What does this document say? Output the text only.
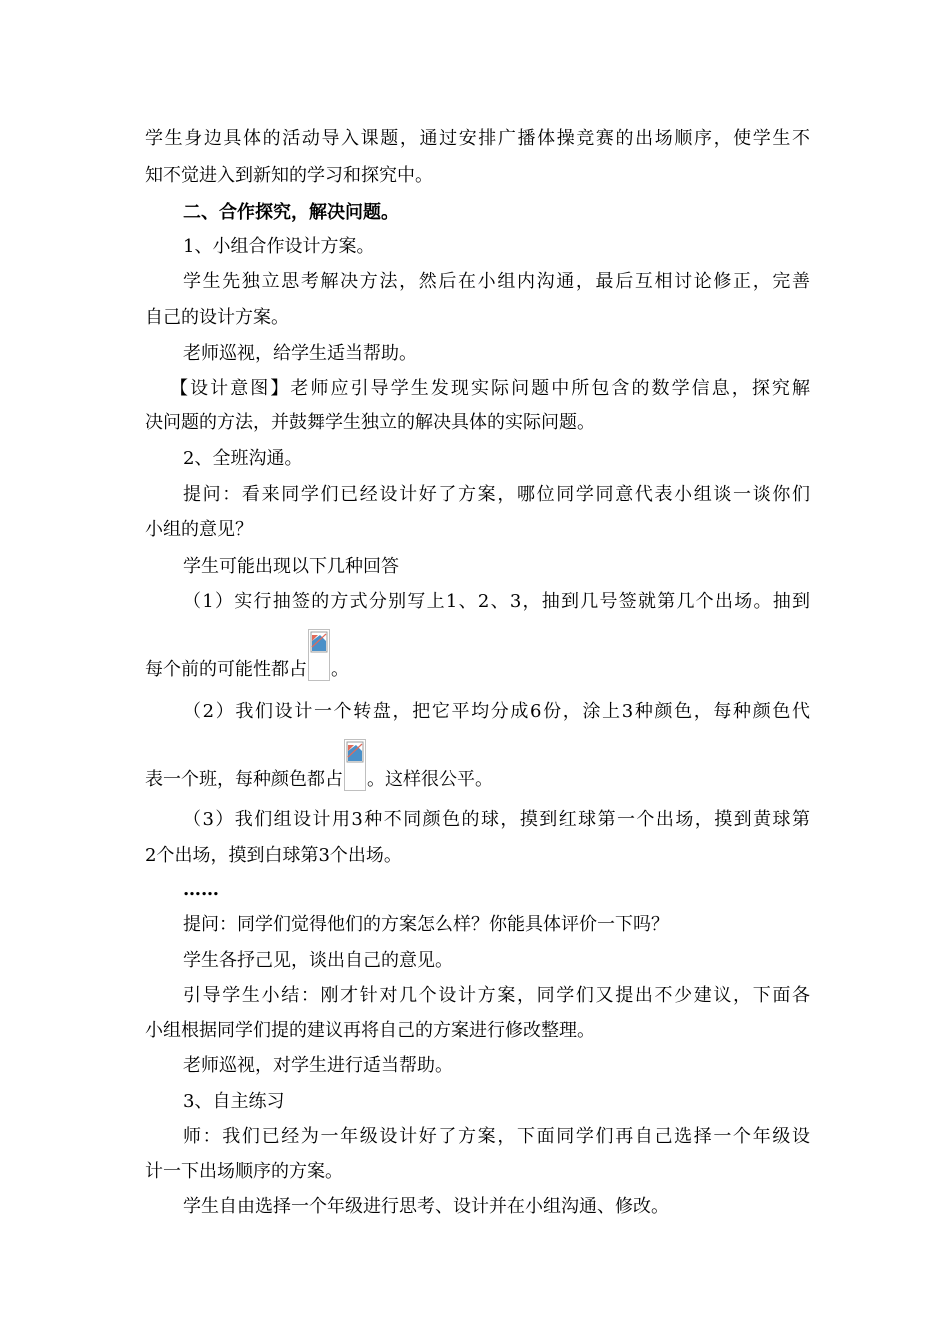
学生身边具体的活动导入课题，通过安排广播体操竞赛的出场顺序，使学生不
知不觉进入到新知的学习和探究中。
二、合作探究，解决问题。
1、小组合作设计方案。
学生先独立思考解决方法，然后在小组内沟通，最后互相讨论修正，完善
自己的设计方案。
老师巡视，给学生适当帮助。
【设计意图】老师应引导学生发现实际问题中所包含的数学信息，探究解
决问题的方法，并鼓舞学生独立的解决具体的实际问题。
2、全班沟通。
提问：看来同学们已经设计好了方案，哪位同学同意代表小组谈一谈你们
小组的意见？
学生可能出现以下几种回答
（1）实行抽签的方式分别写上1、2、3，抽到几号签就第几个出场。抽到
每个前的可能性都占 。
（2）我们设计一个转盘，把它平均分成6份，涂上3种颜色，每种颜色代
表一个班，每种颜色都占 。这样很公平。
（3）我们组设计用3种不同颜色的球，摸到红球第一个出场，摸到黄球第
2个出场，摸到白球第3个出场。
……
提问：同学们觉得他们的方案怎么样？你能具体评价一下吗？
学生各抒己见，谈出自己的意见。
引导学生小结：刚才针对几个设计方案，同学们又提出不少建议，下面各
小组根据同学们提的建议再将自己的方案进行修改整理。
老师巡视，对学生进行适当帮助。
3、自主练习
师：我们已经为一年级设计好了方案，下面同学们再自己选择一个年级设
计一下出场顺序的方案。
学生自由选择一个年级进行思考、设计并在小组沟通、修改。
